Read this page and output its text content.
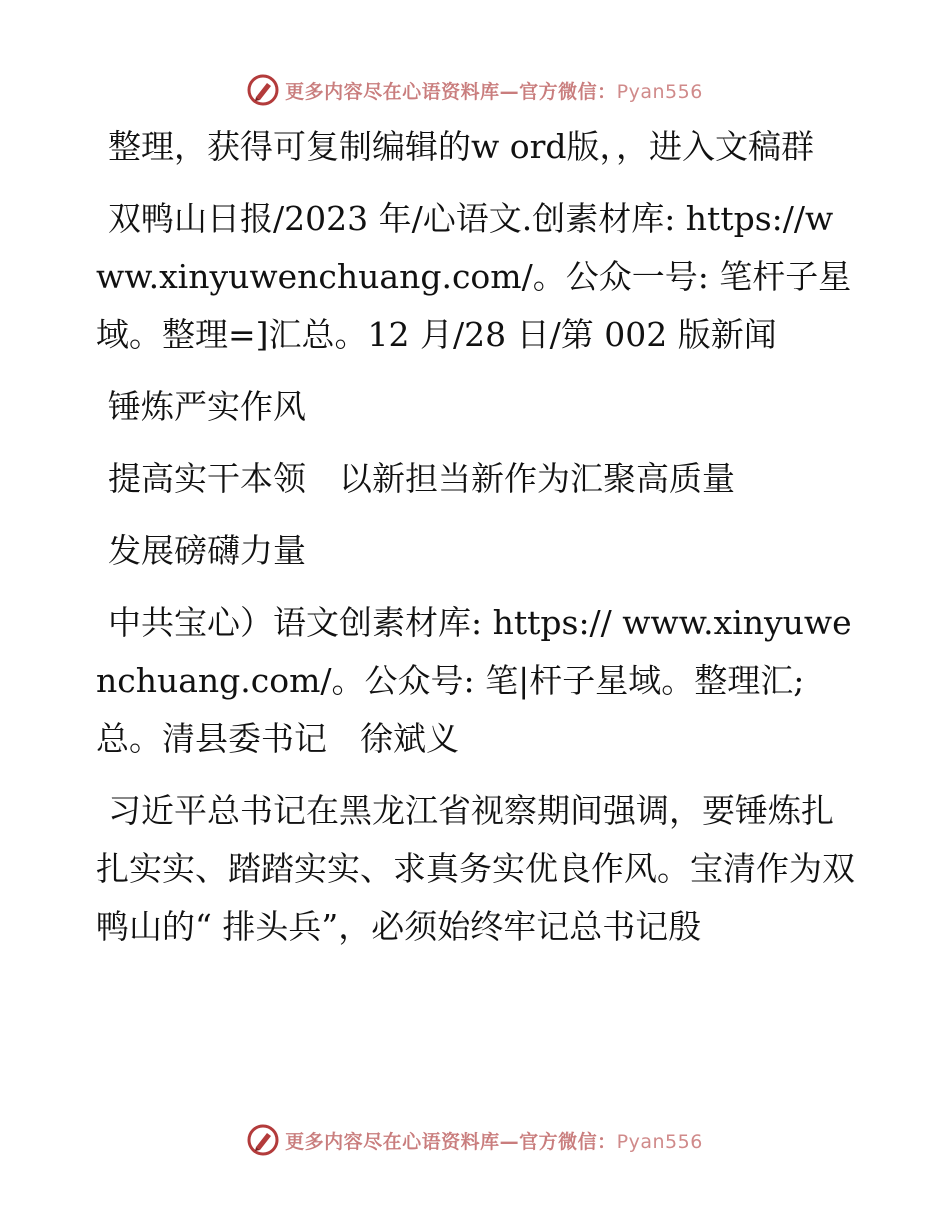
更多内容尽在心语资料库—官方微信：Pyan556

整理，获得可复制编辑的w ord版，，进入文稿群

双鸭山日报/2023 年/心语文.创素材库: https://www.xinyuwenchuang.com/。公众一号: 笔杆子星域。整理=]汇总。12 月/28 日/第 002 版新闻

锤炼严实作风

提高实干本领　以新担当新作为汇聚高质量

发展磅礴力量

中共宝心）语文创素材库: https:// www.xinyuwenchuang.com/。公众号: 笔|杆子星域。整理汇;总。清县委书记　徐斌义

习近平总书记在黑龙江省视察期间强调，要锤炼扎扎实实、踏踏实实、求真务实优良作风。宝清作为双鸭山的“ 排头兵”，必须始终牢记总书记殷

更多内容尽在心语资料库—官方微信：Pyan556
